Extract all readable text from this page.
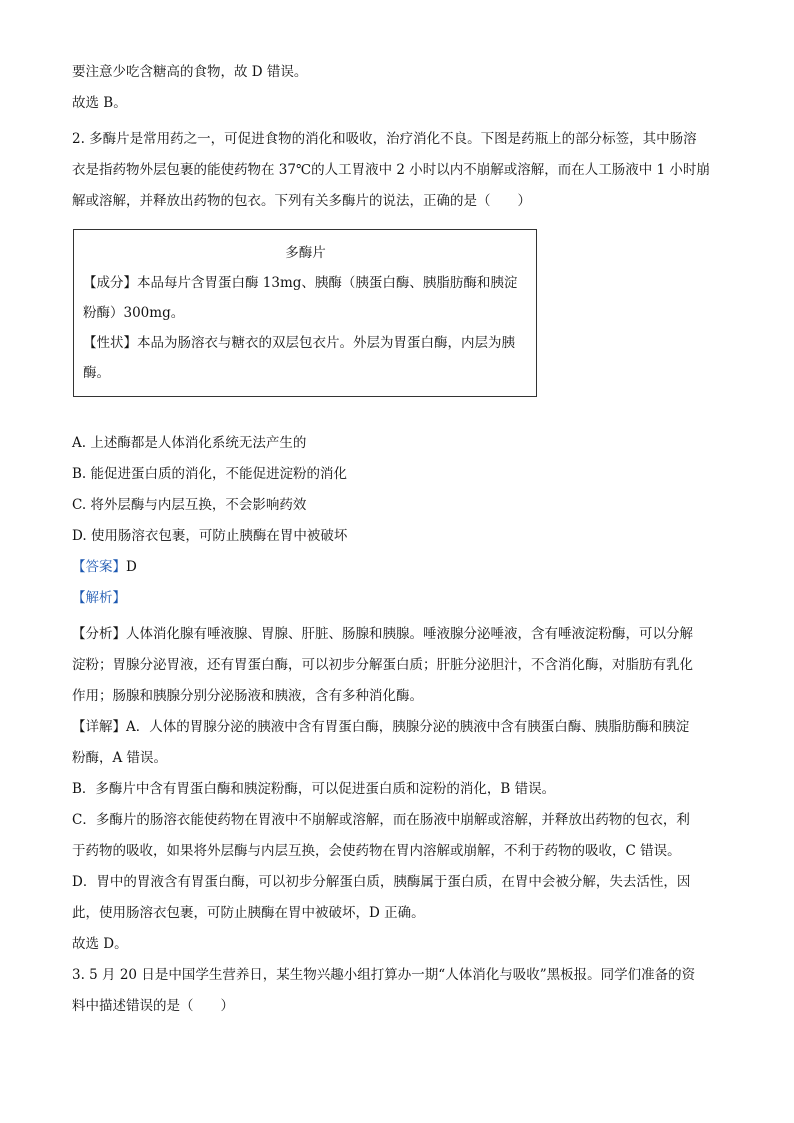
要注意少吃含糖高的食物，故 D 错误。
故选 B。
2. 多酶片是常用药之一，可促进食物的消化和吸收，治疗消化不良。下图是药瓶上的部分标签，其中肠溶
衣是指药物外层包裹的能使药物在 37℃的人工胃液中 2 小时以内不崩解或溶解，而在人工肠液中 1 小时崩
解或溶解，并释放出药物的包衣。下列有关多酶片的说法，正确的是（　　）
多酶片
【成分】本品每片含胃蛋白酶 13mg、胰酶（胰蛋白酶、胰脂肪酶和胰淀
粉酶）300mg。
【性状】本品为肠溶衣与糖衣的双层包衣片。外层为胃蛋白酶，内层为胰
酶。
A. 上述酶都是人体消化系统无法产生的
B. 能促进蛋白质的消化，不能促进淀粉的消化
C. 将外层酶与内层互换，不会影响药效
D. 使用肠溶衣包裹，可防止胰酶在胃中被破坏
【答案】D
【解析】
【分析】人体消化腺有唾液腺、胃腺、肝脏、肠腺和胰腺。唾液腺分泌唾液，含有唾液淀粉酶，可以分解
淀粉；胃腺分泌胃液，还有胃蛋白酶，可以初步分解蛋白质；肝脏分泌胆汁，不含消化酶，对脂肪有乳化
作用；肠腺和胰腺分别分泌肠液和胰液，含有多种消化酶。
【详解】A．人体的胃腺分泌的胰液中含有胃蛋白酶，胰腺分泌的胰液中含有胰蛋白酶、胰脂肪酶和胰淀
粉酶，A 错误。
B．多酶片中含有胃蛋白酶和胰淀粉酶，可以促进蛋白质和淀粉的消化，B 错误。
C．多酶片的肠溶衣能使药物在胃液中不崩解或溶解，而在肠液中崩解或溶解，并释放出药物的包衣，利
于药物的吸收，如果将外层酶与内层互换，会使药物在胃内溶解或崩解，不利于药物的吸收，C 错误。
D．胃中的胃液含有胃蛋白酶，可以初步分解蛋白质，胰酶属于蛋白质，在胃中会被分解，失去活性，因
此，使用肠溶衣包裹，可防止胰酶在胃中被破坏，D 正确。
故选 D。
3. 5 月 20 日是中国学生营养日，某生物兴趣小组打算办一期“人体消化与吸收”黑板报。同学们准备的资
料中描述错误的是（　　）
